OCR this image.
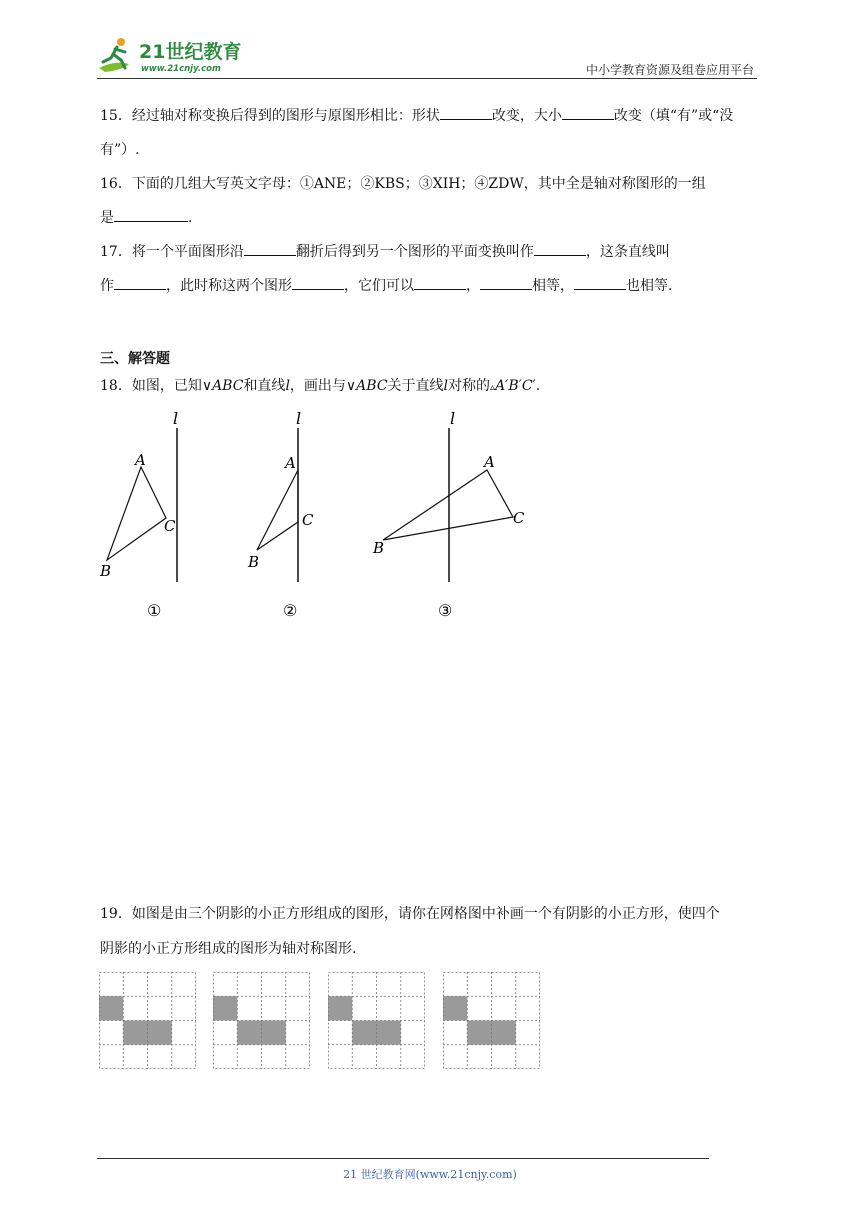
21世纪教育
www.21cnjy.com	中小学教育资源及组卷应用平台
15．经过轴对称变换后得到的图形与原图形相比：形状	改变，大小	改变（填“有”或“没
有”）.
16．下面的几组大写英文字母：①ANE；②KBS；③XIH；④ZDW，其中全是轴对称图形的一组
是	.
17．将一个平面图形沿	翻折后得到另一个图形的平面变换叫作	，这条直线叫
作	，此时称这两个图形	，它们可以	，	相等，	也相等.
三、解答题
18．如图，已知∨ABC和直线l，画出与∨ABC关于直线l对称的▵A′B′C′.
l
A
C
B
①
l
A
C
B
②
l
A
C
B
③
19．如图是由三个阴影的小正方形组成的图形，请你在网格图中补画一个有阴影的小正方形，使四个
阴影的小正方形组成的图形为轴对称图形.
21 世纪教育网(www.21cnjy.com)
